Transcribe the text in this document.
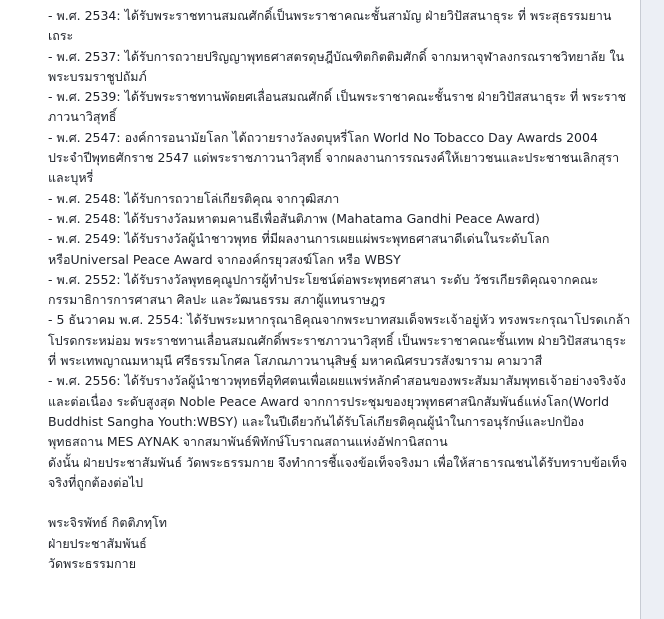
- พ.ศ. 2534: ได้รับพระราชทานสมณศักดิ์เป็นพระราชาคณะชั้นสามัญ ฝ่ายวิปัสสนาธุระ ที่ พระสุธรรมยานเถระ
- พ.ศ. 2537: ได้รับการถวายปริญญาพุทธศาสตรดุษฎีบัณฑิตกิตติมศักดิ์ จากมหาจุฬาลงกรณราชวิทยาลัย ในพระบรมราชูปถัมภ์
- พ.ศ. 2539: ได้รับพระราชทานพัดยศเลื่อนสมณศักดิ์ เป็นพระราชาคณะชั้นราช ฝ่ายวิปัสสนาธุระ ที่ พระราชภาวนาวิสุทธิ์
- พ.ศ. 2547: องค์การอนามัยโลก ได้ถวายรางวัลงดบุหรี่โลก World No Tobacco Day Awards 2004 ประจำปีพุทธศักราช 2547 แด่พระราชภาวนาวิสุทธิ์ จากผลงานการรณรงค์ให้เยาวชนและประชาชนเลิกสุราและบุหรี่
- พ.ศ. 2548: ได้รับการถวายโล่เกียรติคุณ จากวุฒิสภา
- พ.ศ. 2548: ได้รับรางวัลมหาตมคานธีเพื่อสันติภาพ (Mahatama Gandhi Peace Award)
- พ.ศ. 2549: ได้รับรางวัลผู้นำชาวพุทธ ที่มีผลงานการเผยแผ่พระพุทธศาสนาดีเด่นในระดับโลก หรือUniversal Peace Award จากองค์กรยุวสงฆ์โลก หรือ WBSY
- พ.ศ. 2552: ได้รับรางวัลพุทธคุณูปการผู้ทำประโยชน์ต่อพระพุทธศาสนา ระดับ วัชรเกียรติคุณจากคณะกรรมาธิการการศาสนา ศิลปะ และวัฒนธรรม สภาผู้แทนราษฎร
- 5 ธันวาคม พ.ศ. 2554: ได้รับพระมหากรุณาธิคุณจากพระบาทสมเด็จพระเจ้าอยู่หัว ทรงพระกรุณาโปรดเกล้าโปรดกระหม่อม พระราชทานเลื่อนสมณศักดิ์พระราชภาวนาวิสุทธิ์ เป็นพระราชาคณะชั้นเทพ ฝ่ายวิปัสสนาธุระ ที่ พระเทพญาณมหามุนี ศรีธรรมโกศล โสภณภาวนานุสิษฐ์ มหาคณิศรบวรสังฆาราม คามวาสี
- พ.ศ. 2556: ได้รับรางวัลผู้นำชาวพุทธที่อุทิศตนเพื่อเผยแพร่หลักคำสอนของพระสัมมาสัมพุทธเจ้าอย่างจริงจังและต่อเนื่อง ระดับสูงสุด Noble Peace Award จากการประชุมของยุวพุทธศาสนิกสัมพันธ์แห่งโลก(World Buddhist Sangha Youth:WBSY) และในปีเดียวกันได้รับโล่เกียรติคุณผู้นำในการอนุรักษ์และปกป้องพุทธสถาน MES AYNAK จากสมาพันธ์พิทักษ์โบราณสถานแห่งอัฟกานิสถาน
ดังนั้น ฝ่ายประชาสัมพันธ์ วัดพระธรรมกาย จึงทำการชี้แจงข้อเท็จจริงมา เพื่อให้สาธารณชนได้รับทราบข้อเท็จจริงที่ถูกต้องต่อไป
พระจิรพัทธ์ กิตติภทฺโท
ฝ่ายประชาสัมพันธ์
วัดพระธรรมกาย
